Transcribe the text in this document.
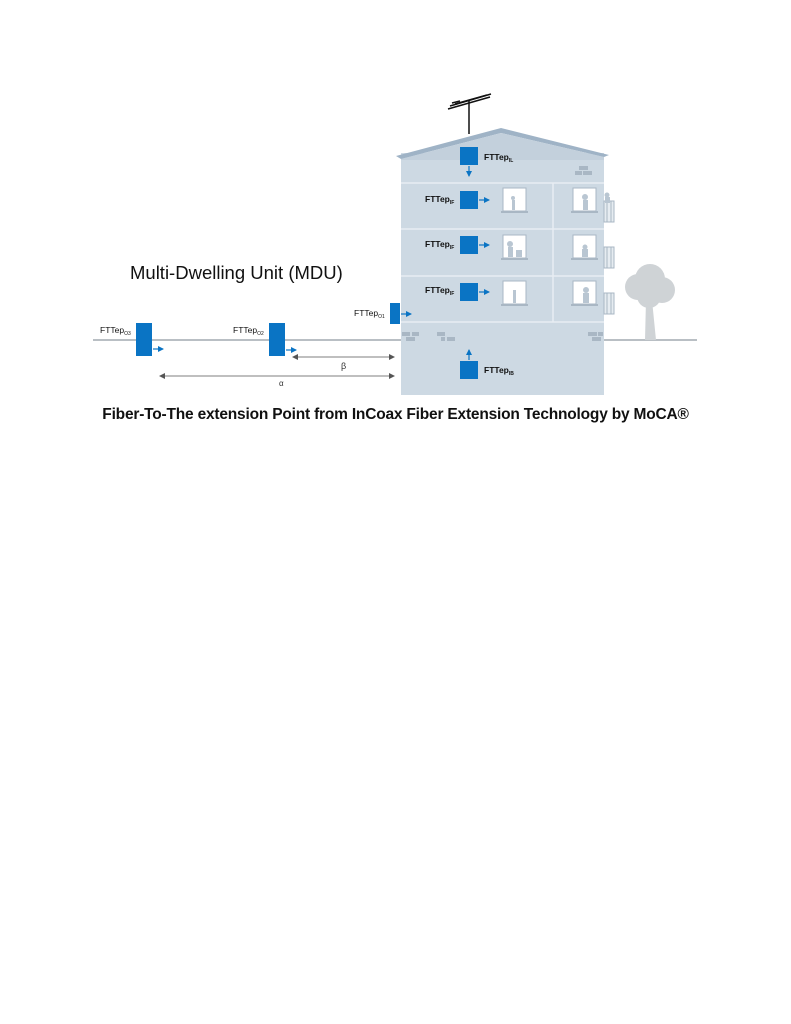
Multi-Dwelling Unit (MDU)
FTTep$_{IL}$
FTTep$_{IF}$
FTTep$_{IF}$
FTTep$_{IF}$
FTTep$_{IB}$
FTTep$_{O1}$
FTTep$_{O2}$
FTTep$_{O3}$
β
α
Fiber-To-The extension Point from InCoax Fiber Extension Technology by MoCA®
